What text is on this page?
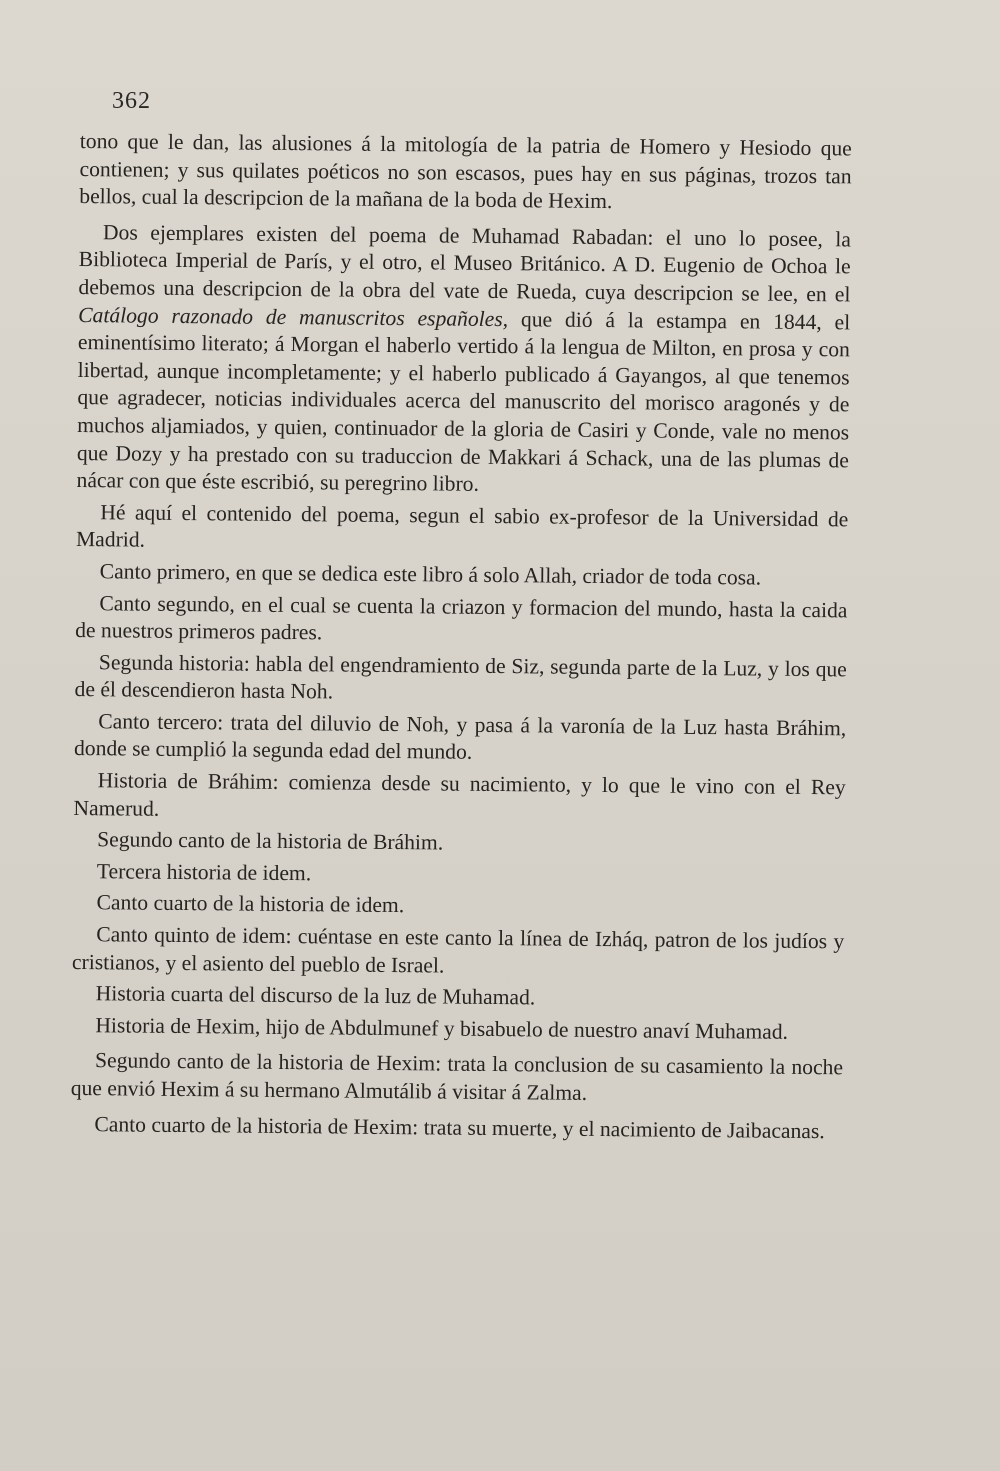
362

tono que le dan, las alusiones á la mitología de la patria de Homero y Hesiodo que contienen; y sus quilates poéticos no son escasos, pues hay en sus páginas, trozos tan bellos, cual la descripcion de la mañana de la boda de Hexim.

Dos ejemplares existen del poema de Muhamad Rabadan: el uno lo posee, la Biblioteca Imperial de París, y el otro, el Museo Británico. A D. Eugenio de Ochoa le debemos una descripcion de la obra del vate de Rueda, cuya descripcion se lee, en el Catálogo razonado de manuscritos españoles, que dió á la estampa en 1844, el eminentísimo literato; á Morgan el haberlo vertido á la lengua de Milton, en prosa y con libertad, aunque incompletamente; y el haberlo publicado á Gayangos, al que tenemos que agradecer, noticias individuales acerca del manuscrito del morisco aragonés y de muchos aljamiados, y quien, continuador de la gloria de Casiri y Conde, vale no menos que Dozy y ha prestado con su traduccion de Makkari á Schack, una de las plumas de nácar con que éste escribió, su peregrino libro.

Hé aquí el contenido del poema, segun el sabio ex-profesor de la Universidad de Madrid.

Canto primero, en que se dedica este libro á solo Allah, criador de toda cosa.

Canto segundo, en el cual se cuenta la criazon y formacion del mundo, hasta la caida de nuestros primeros padres.

Segunda historia: habla del engendramiento de Siz, segunda parte de la Luz, y los que de él descendieron hasta Noh.

Canto tercero: trata del diluvio de Noh, y pasa á la varonía de la Luz hasta Bráhim, donde se cumplió la segunda edad del mundo.

Historia de Bráhim: comienza desde su nacimiento, y lo que le vino con el Rey Namerud.

Segundo canto de la historia de Bráhim.

Tercera historia de idem.

Canto cuarto de la historia de idem.

Canto quinto de idem: cuéntase en este canto la línea de Izháq, patron de los judíos y cristianos, y el asiento del pueblo de Israel.

Historia cuarta del discurso de la luz de Muhamad.

Historia de Hexim, hijo de Abdulmunef y bisabuelo de nuestro anaví Muhamad.

Segundo canto de la historia de Hexim: trata la conclusion de su casamiento la noche que envió Hexim á su hermano Almutálib á visitar á Zalma.

Canto cuarto de la historia de Hexim: trata su muerte, y el nacimiento de Jaibacanas.
